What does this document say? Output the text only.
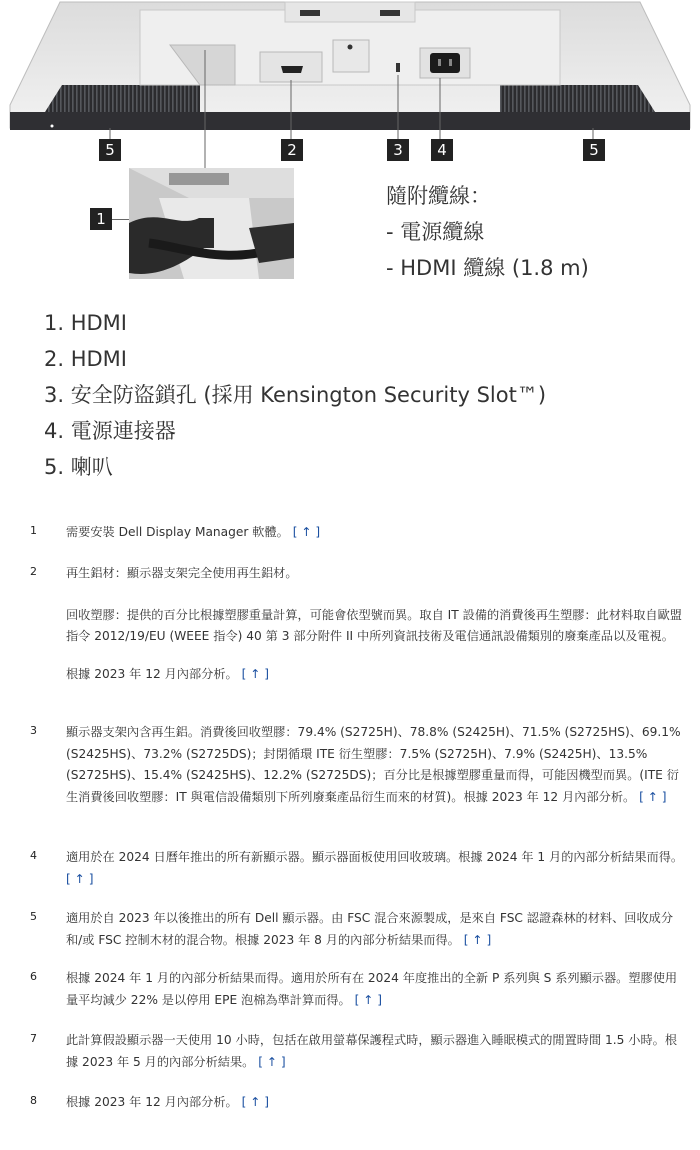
5	2	3	4	5
1
隨附纜線：
- 電源纜線
- HDMI 纜線 (1.8 m)
1. HDMI
2. HDMI
3. 安全防盜鎖孔 (採用 Kensington Security Slot™)
4. 電源連接器
5. 喇叭
1 需要安裝 Dell Display Manager 軟體。 [ ↑ ]

2 再生鋁材：顯示器支架完全使用再生鋁材。

回收塑膠：提供的百分比根據塑膠重量計算，可能會依型號而異。取自 IT 設備的消費後再生塑膠：此材料取自歐盟指令 2012/19/EU (WEEE 指令) 40 第 3 部分附件 II 中所列資訊技術及電信通訊設備類別的廢棄產品以及電視。

根據 2023 年 12 月內部分析。 [ ↑ ]

3 顯示器支架內含再生鋁。消費後回收塑膠：79.4% (S2725H)、78.8% (S2425H)、71.5% (S2725HS)、69.1% (S2425HS)、73.2% (S2725DS)；封閉循環 ITE 衍生塑膠：7.5% (S2725H)、7.9% (S2425H)、13.5% (S2725HS)、15.4% (S2425HS)、12.2% (S2725DS)；百分比是根據塑膠重量而得，可能因機型而異。(ITE 衍生消費後回收塑膠：IT 與電信設備類別下所列廢棄產品衍生而來的材質)。根據 2023 年 12 月內部分析。 [ ↑ ]

4 適用於在 2024 日曆年推出的所有新顯示器。顯示器面板使用回收玻璃。根據 2024 年 1 月的內部分析結果而得。 [ ↑ ]

5 適用於自 2023 年以後推出的所有 Dell 顯示器。由 FSC 混合來源製成，是來自 FSC 認證森林的材料、回收成分和/或 FSC 控制木材的混合物。根據 2023 年 8 月的內部分析結果而得。 [ ↑ ]

6 根據 2024 年 1 月的內部分析結果而得。適用於所有在 2024 年度推出的全新 P 系列與 S 系列顯示器。塑膠使用量平均減少 22% 是以停用 EPE 泡棉為準計算而得。 [ ↑ ]

7 此計算假設顯示器一天使用 10 小時，包括在啟用螢幕保護程式時，顯示器進入睡眠模式的閒置時間 1.5 小時。根據 2023 年 5 月的內部分析結果。 [ ↑ ]

8 根據 2023 年 12 月內部分析。 [ ↑ ]
